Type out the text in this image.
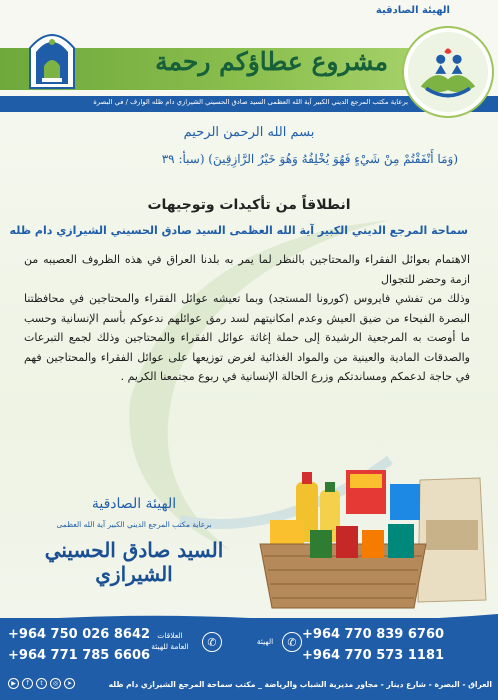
الهيئة الصادقية
مشروع عطاؤكم رحمة
برعاية مكتب المرجع الديني الكبير آية الله العظمى السيد صادق الحسيني الشيرازي دام ظله الوارف / في البصرة
بسم الله الرحمن الرحيم
(وَمَا أَنْفَقْتُمْ مِنْ شَيْءٍ فَهُوَ يُخْلِفُهُ وَهُوَ خَيْرُ الرَّازِقِينَ) (سبأ: ٣٩
انطلاقاً من تأكيدات وتوجيهات
سماحة المرجع الديني الكبير آية الله العظمى السيد صادق الحسيني الشيرازي دام ظله

الاهتمام بعوائل الفقراء والمحتاجين بالنظر لما يمر به بلدنا العراق في هذه الظروف العصيبه من ازمة وحضر للتجوال

وذلك من تفشي فايروس (كورونا المستجد) وبما تعيشه عوائل الفقراء والمحتاجين في محافظتنا البصرة الفيحاء من ضيق العيش وعدم امكانيتهم لسد رمق عوائلهم ندعوكم بأسم الإنسانية وحسب ما أوصت به المرجعية الرشيدة إلى حملة إغاثة عوائل الفقراء والمحتاجين وذلك لجمع التبرعات والصدقات المادية والعينية من والمواد الغذائية لغرض توزيعها على عوائل الفقراء والمحتاجين فهم في حاجة لدعمكم ومساندتكم وزرع الحالة الإنسانية في ربوع مجتمعنا الكريم .

الهيئة الصادقية
برعاية مكتب المرجع الديني الكبير آية الله العظمى
السيد صادق الحسيني الشيرازي
+964 750 026 8642
+964 771 785 6606
العلاقات العامة للهيئة	✆	الهيئة	✆ +964 770 839 6760
+964 770 573 1181
العراق - البصرة - شارع دينار - مجاور مديرية الشباب والرياضة _ مكتب سماحة المرجع الشيرازي دام ظله
▶	f	t	◎	➤
